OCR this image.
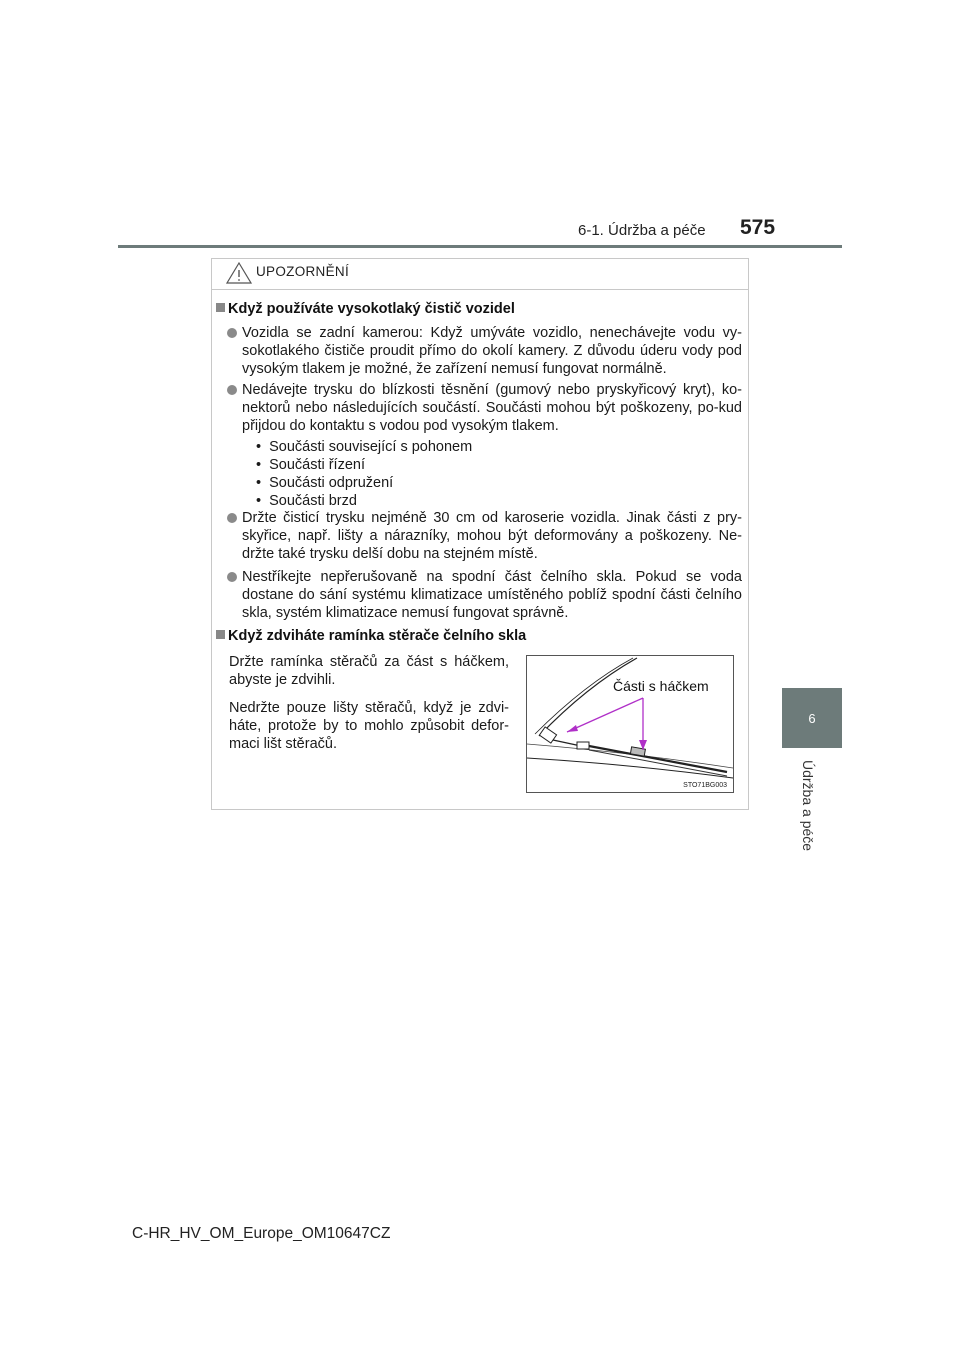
6-1. Údržba a péče 575
6
Údržba a péče
UPOZORNĚNÍ
Když používáte vysokotlaký čistič vozidel
Vozidla se zadní kamerou: Když umýváte vozidlo, nenechávejte vodu vy-sokotlakého čističe proudit přímo do okolí kamery. Z důvodu úderu vody pod vysokým tlakem je možné, že zařízení nemusí fungovat normálně.
Nedávejte trysku do blízkosti těsnění (gumový nebo pryskyřicový kryt), ko-nektorů nebo následujících součástí. Součásti mohou být poškozeny, po-kud přijdou do kontaktu s vodou pod vysokým tlakem.
• Součásti související s pohonem
• Součásti řízení
• Součásti odpružení
• Součásti brzd
Držte čisticí trysku nejméně 30 cm od karoserie vozidla. Jinak části z pry-skyřice, např. lišty a nárazníky, mohou být deformovány a poškozeny. Ne-držte také trysku delší dobu na stejném místě.
Nestříkejte nepřerušovaně na spodní část čelního skla. Pokud se voda dostane do sání systému klimatizace umístěného poblíž spodní části čelního skla, systém klimatizace nemusí fungovat správně.
Když zdviháte ramínka stěrače čelního skla
Držte ramínka stěračů za část s háčkem, abyste je zdvihli.
Nedržte pouze lišty stěračů, když je zdvi-háte, protože by to mohlo způsobit defor-maci lišt stěračů.
Části s háčkem
STO71BG003
C-HR_HV_OM_Europe_OM10647CZ
